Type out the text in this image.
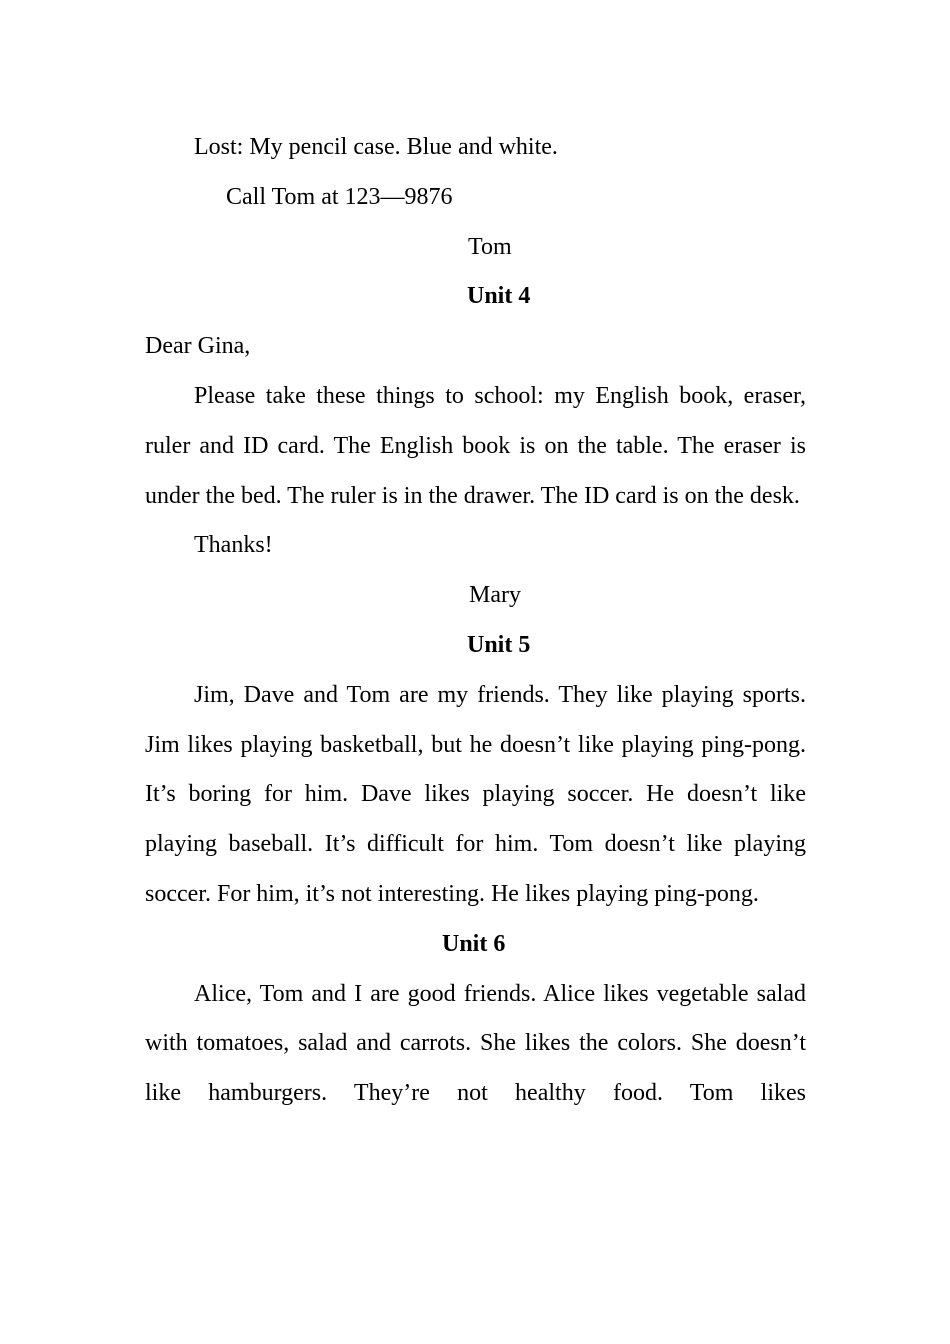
Lost: My pencil case. Blue and white.
Call Tom at 123—9876
Tom
Unit 4
Dear Gina,

Please take these things to school: my English book, eraser, ruler and ID card. The English book is on the table. The eraser is under the bed. The ruler is in the drawer. The ID card is on the desk.

Thanks!
Mary
Unit 5

Jim, Dave and Tom are my friends. They like playing sports. Jim likes playing basketball, but he doesn’t like playing ping-pong. It’s boring for him. Dave likes playing soccer. He doesn’t like playing baseball. It’s difficult for him. Tom doesn’t like playing soccer. For him, it’s not interesting. He likes playing ping-pong.

Unit 6

Alice, Tom and I are good friends. Alice likes vegetable salad with tomatoes, salad and carrots. She likes the colors. She doesn’t like hamburgers. They’re not healthy food. Tom likes
